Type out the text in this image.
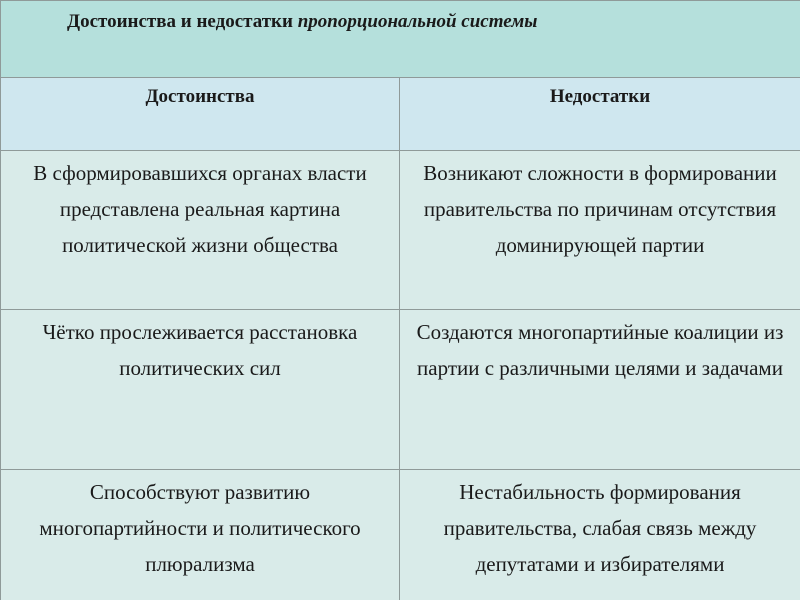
Достоинства и недостатки пропорциональной системы	
Достоинства	Недостатки
В сформировавшихся органах власти представлена реальная картина политической жизни общества	Возникают сложности в формировании правительства по причинам отсутствия доминирующей партии
Чётко прослеживается расстановка политических сил	Создаются многопартийные коалиции из партии с различными целями и задачами
Способствуют развитию многопартийности и политического плюрализма	Нестабильность формирования правительства, слабая связь между депутатами и избирателями
